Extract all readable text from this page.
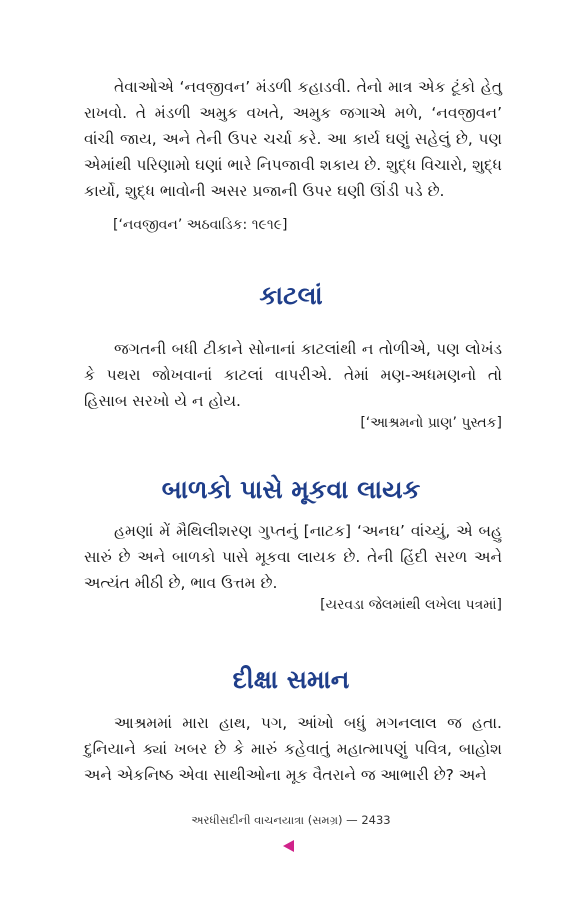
તેવાઓએ ‘નવજીવન’ મંડળી કહાડવી. તેનો માત્ર એક ટૂંકો હેતુ રાખવો. તે મંડળી અમુક વખતે, અમુક જગાએ મળે, ‘નવજીવન’ વાંચી જાય, અને તેની ઉપર ચર્ચા કરે. આ કાર્ય ઘણું સહેલું છે, પણ એમાંથી પરિણામો ઘણાં ભારે નિપજાવી શકાય છે. શુદ્ધ વિચારો, શુદ્ધ કાર્યો, શુદ્ધ ભાવોની અસર પ્રજાની ઉપર ઘણી ઊંડી પડે છે.

[‘નવજીવન’ અઠવાડિક: ૧૯૧૯]

કાટલાં

જગતની બધી ટીકાને સોનાનાં કાટલાંથી ન તોળીએ, પણ લોખંડ કે પથરા જોખવાનાં કાટલાં વાપરીએ. તેમાં મણ-અધમણનો તો હિસાબ સરખો યે ન હોય.

[‘આશ્રમનો પ્રાણ’ પુસ્તક]

બાળકો પાસે મૂકવા લાયક

હમણાં મેં મૈથિલીશરણ ગુપ્તનું [નાટક] ‘અનઘ’ વાંચ્યું, એ બહુ સારું છે અને બાળકો પાસે મૂકવા લાયક છે. તેની હિંદી સરળ અને અત્યંત મીઠી છે, ભાવ ઉત્તમ છે.

[યરવડા જેલમાંથી લખેલા પત્રમાં]

દીક્ષા સમાન

આશ્રમમાં મારા હાથ, પગ, આંખો બધું મગનલાલ જ હતા. દુનિયાને ક્યાં ખબર છે કે મારું કહેવાતું મહાત્માપણું પવિત્ર, બાહોશ અને એકનિષ્ઠ એવા સાથીઓના મૂક વૈતરાને જ આભારી છે? અને

અરધીસદીની વાચનયાત્રા (સમગ્ર) — 2433
